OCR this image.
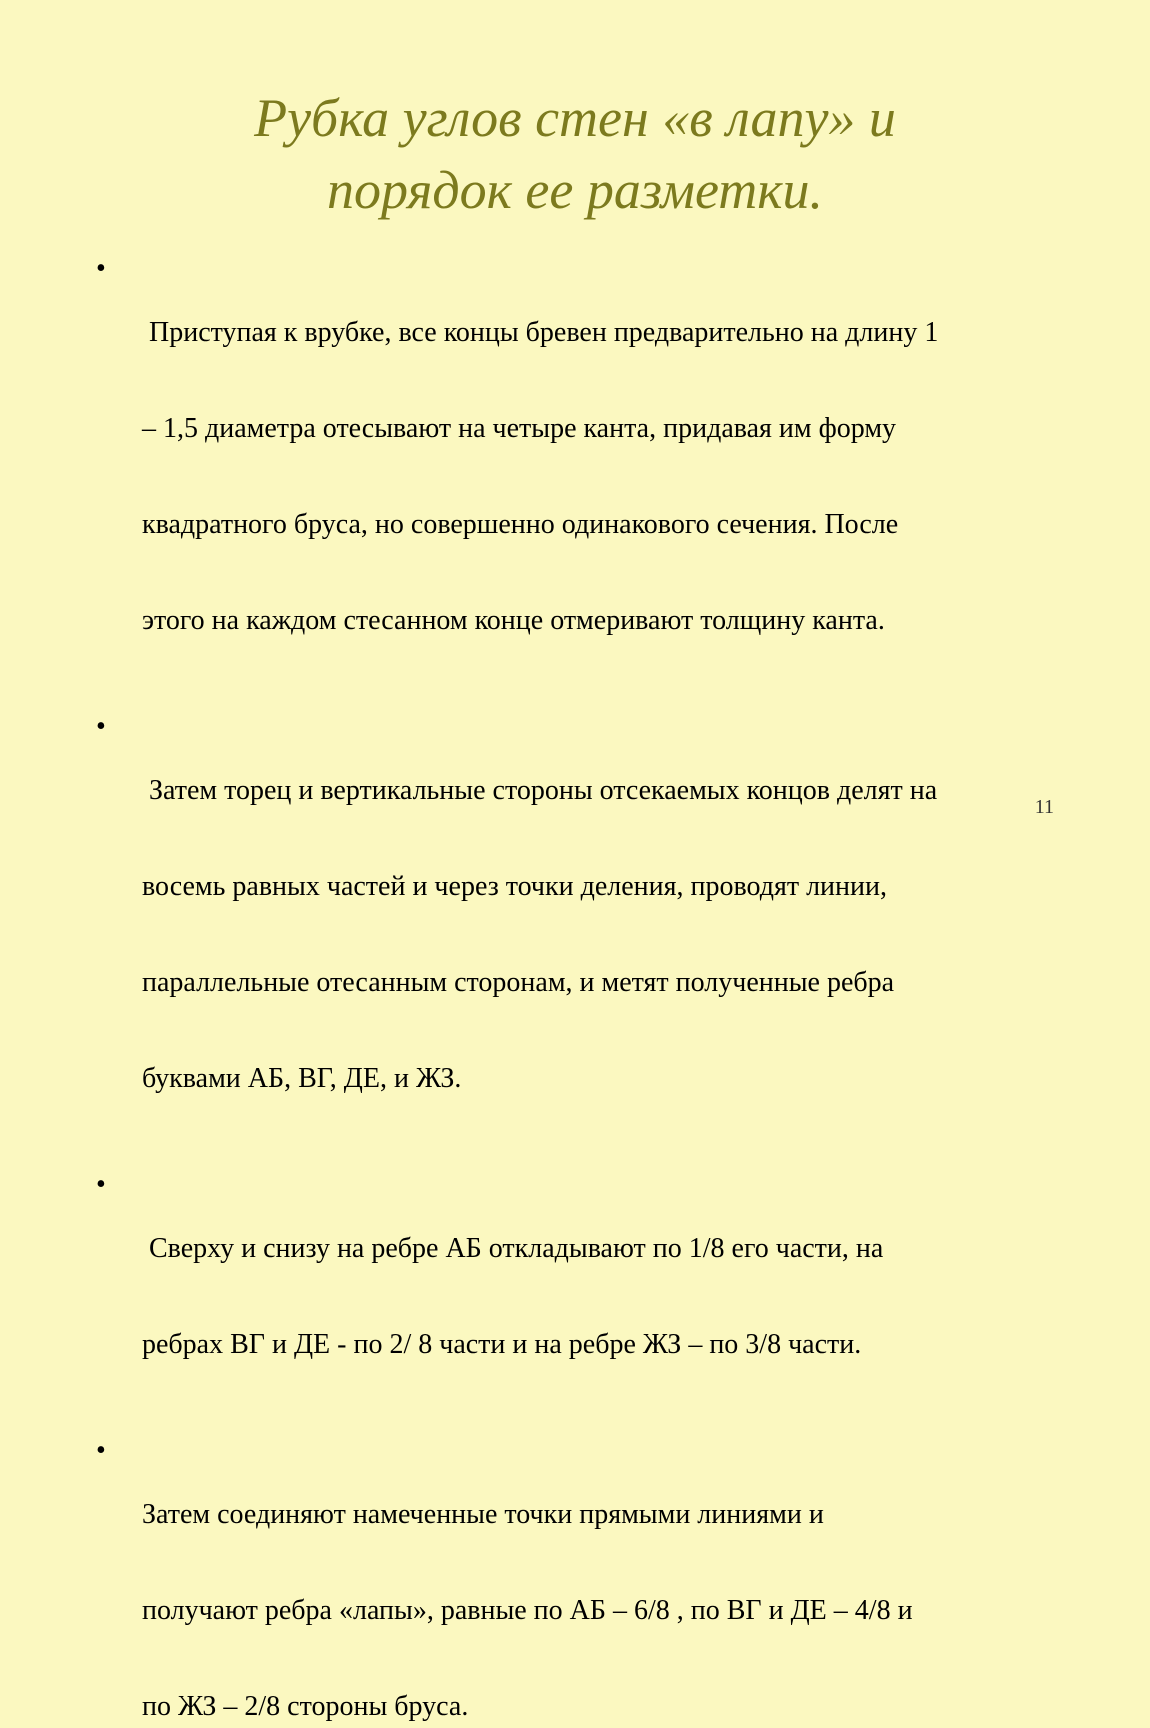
Рубка углов стен «в лапу» и
порядок ее разметки.
•

Приступая к врубке, все концы бревен предварительно на длину 1

– 1,5 диаметра отесывают на четыре канта, придавая им форму

квадратного бруса, но совершенно одинакового сечения. После

этого на каждом стесанном конце отмеривают толщину канта.

•

Затем торец и вертикальные стороны отсекаемых концов делят на

восемь равных частей и через точки деления, проводят линии,

параллельные отесанным сторонам, и метят полученные ребра

буквами АБ, ВГ, ДЕ, и ЖЗ.

•

Сверху и снизу на ребре АБ откладывают по 1/8 его части, на

ребрах ВГ и ДЕ - по 2/ 8 части и на ребре ЖЗ – по 3/8 части.

•

Затем соединяют намеченные точки прямыми линиями и

получают ребра «лапы», равные по АБ – 6/8 , по ВГ и ДЕ – 4/8 и

по ЖЗ – 2/8 стороны бруса.

11
